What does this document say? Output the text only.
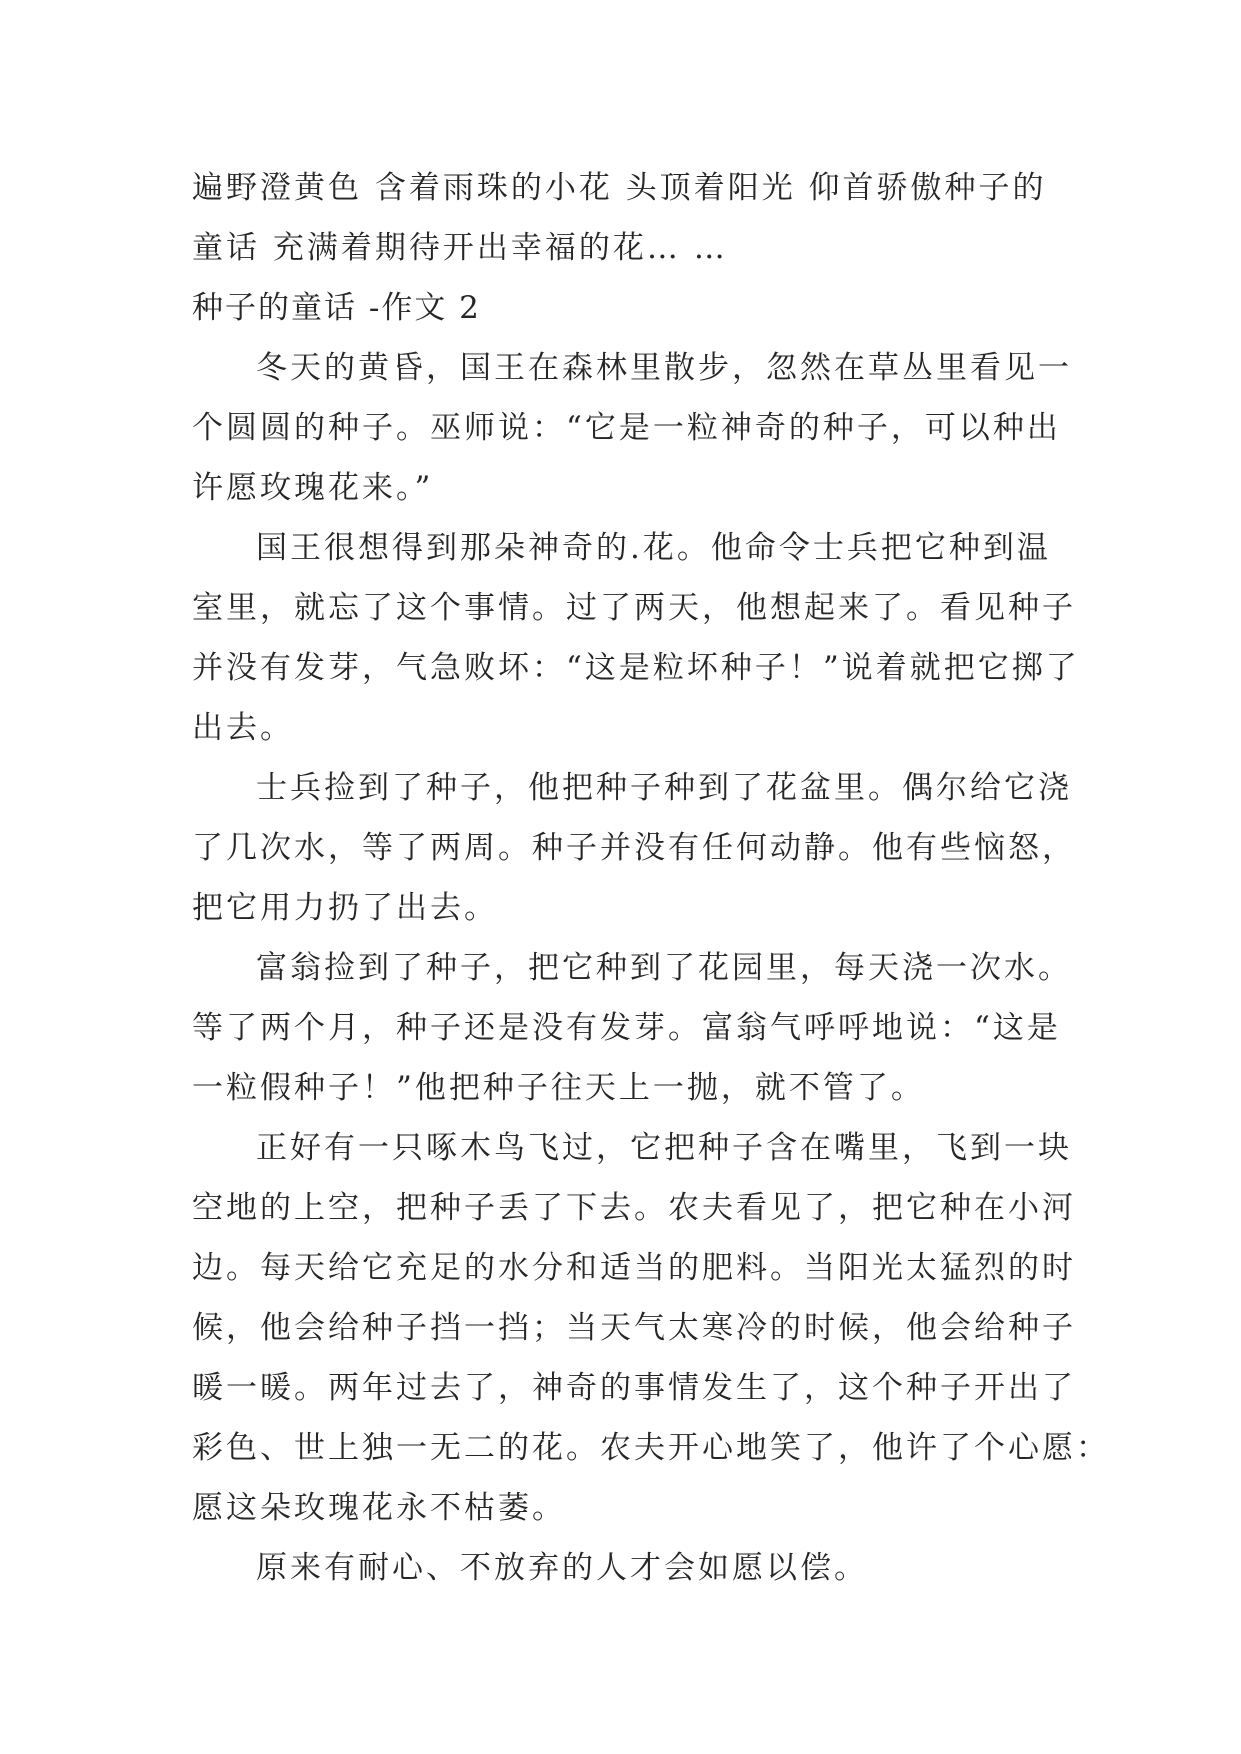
遍野澄黄色 含着雨珠的小花 头顶着阳光 仰首骄傲种子的
童话 充满着期待开出幸福的花… …
种子的童话 -作文 2
冬天的黄昏，国王在森林里散步，忽然在草丛里看见一
个圆圆的种子。巫师说：“它是一粒神奇的种子，可以种出
许愿玫瑰花来。”
国王很想得到那朵神奇的.花。他命令士兵把它种到温
室里，就忘了这个事情。过了两天，他想起来了。看见种子
并没有发芽，气急败坏：“这是粒坏种子！”说着就把它掷了
出去。
士兵捡到了种子，他把种子种到了花盆里。偶尔给它浇
了几次水，等了两周。种子并没有任何动静。他有些恼怒，
把它用力扔了出去。
富翁捡到了种子，把它种到了花园里，每天浇一次水。
等了两个月，种子还是没有发芽。富翁气呼呼地说：“这是
一粒假种子！”他把种子往天上一抛，就不管了。
正好有一只啄木鸟飞过，它把种子含在嘴里，飞到一块
空地的上空，把种子丢了下去。农夫看见了，把它种在小河
边。每天给它充足的水分和适当的肥料。当阳光太猛烈的时
候，他会给种子挡一挡；当天气太寒冷的时候，他会给种子
暖一暖。两年过去了，神奇的事情发生了，这个种子开出了
彩色、世上独一无二的花。农夫开心地笑了，他许了个心愿：
愿这朵玫瑰花永不枯萎。
原来有耐心、不放弃的人才会如愿以偿。
